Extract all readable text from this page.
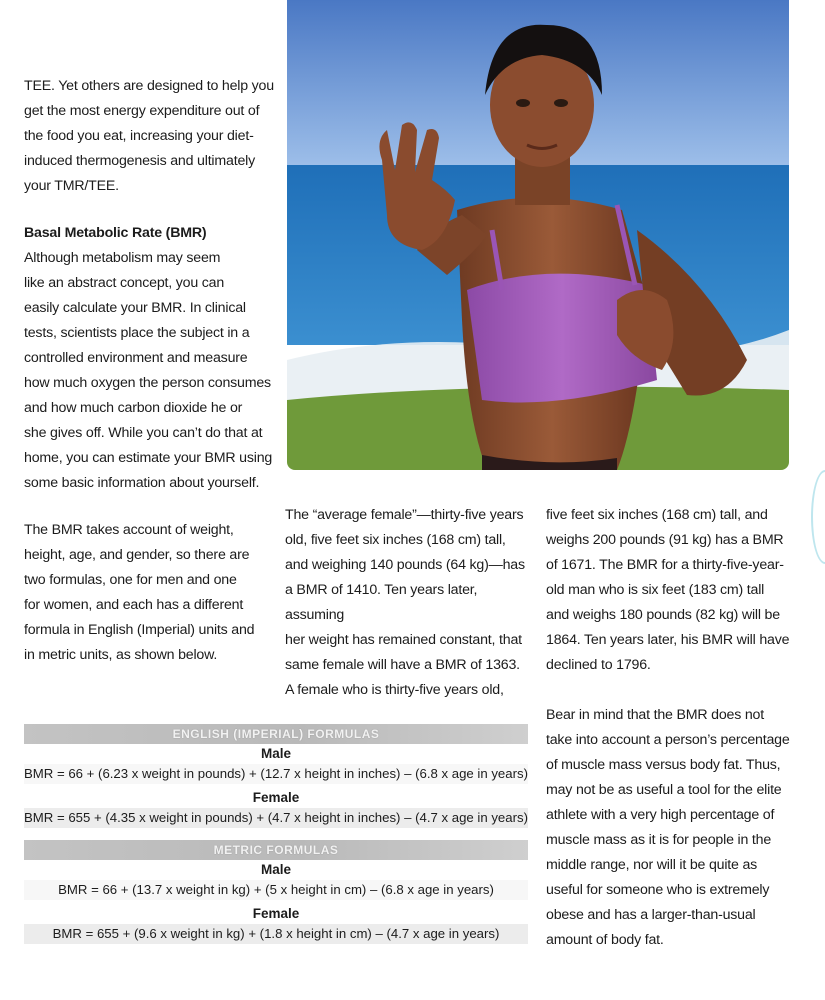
TEE. Yet others are designed to help you
get the most energy expenditure out of
the food you eat, increasing your diet-
induced thermogenesis and ultimately
your TMR/TEE.

Basal Metabolic Rate (BMR)

Although metabolism may seem
like an abstract concept, you can
easily calculate your BMR. In clinical
tests, scientists place the subject in a
controlled environment and measure
how much oxygen the person consumes
and how much carbon dioxide he or
she gives off. While you can’t do that at
home, you can estimate your BMR using
some basic information about yourself.

The BMR takes account of weight,
height, age, and gender, so there are
two formulas, one for men and one
for women, and each has a different
formula in English (Imperial) units and
in metric units, as shown below.

The “average female”—thirty-five years
old, five feet six inches (168 cm) tall,
and weighing 140 pounds (64 kg)—has
a BMR of 1410. Ten years later, assuming
her weight has remained constant, that
same female will have a BMR of 1363.
A female who is thirty-five years old,

five feet six inches (168 cm) tall, and
weighs 200 pounds (91 kg) has a BMR
of 1671. The BMR for a thirty-five-year-
old man who is six feet (183 cm) tall
and weighs 180 pounds (82 kg) will be
1864. Ten years later, his BMR will have
declined to 1796.

Bear in mind that the BMR does not
take into account a person’s percentage
of muscle mass versus body fat. Thus,
may not be as useful a tool for the elite
athlete with a very high percentage of
muscle mass as it is for people in the
middle range, nor will it be quite as
useful for someone who is extremely
obese and has a larger-than-usual
amount of body fat.

ENGLISH (IMPERIAL) FORMULAS
Male
BMR = 66 + (6.23 x weight in pounds) + (12.7 x height in inches) – (6.8 x age in years)
Female
BMR = 655 + (4.35 x weight in pounds) + (4.7 x height in inches) – (4.7 x age in years)
METRIC FORMULAS
Male
BMR = 66 + (13.7 x weight in kg) + (5 x height in cm) – (6.8 x age in years)
Female
BMR = 655 + (9.6 x weight in kg) + (1.8 x height in cm) – (4.7 x age in years)
